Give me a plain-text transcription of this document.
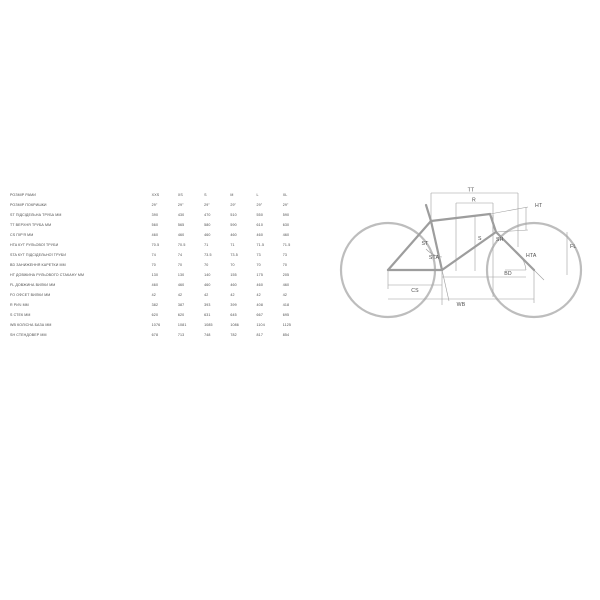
РОЗМІР РАМИ	XXS	XS	S	M	L	XL
РОЗМІР ПОКРИШКИ	29"	29"	29"	29"	29"	29"
ST ПІДСІДЕЛЬНА ТРУБА ММ	390	430	470	510	550	590
TT ВЕРХНЯ ТРУБА ММ	560	565	580	590	610	630
CS ПІР'Я ММ	460	460	460	460	460	460
HTA КУТ РУЛЬОВОЇ ТРУБИ	70.5	70.5	71	71	71.5	71.5
STA КУТ ПІДСІДЕЛЬНОЇ ТРУБИ	74	74	73.5	73.5	73	73
BD ЗАНИЖЕННЯ КАРЕТКИ ММ	70	70	70	70	70	70
HT ДОВЖИНА РУЛЬОВОГО СТАКАНУ ММ	130	130	140	155	175	205
FL ДОВЖИНА ВИЛКИ ММ	460	460	460	460	460	460
FO ОФСЕТ ВИЛКИ ММ	42	42	42	42	42	42
R РИЧ ММ	382	387	393	399	408	418
S СТЕК ММ	620	620	631	645	667	695
WB КОЛІСНА БАЗА ММ	1076	1081	1085	1086	1104	1125
SH СТЕНДОВЕР ММ	678	713	748	782	817	854
TT
R
HT
ST
S	SH
STA	HTA
FL
BD
CS
WB
